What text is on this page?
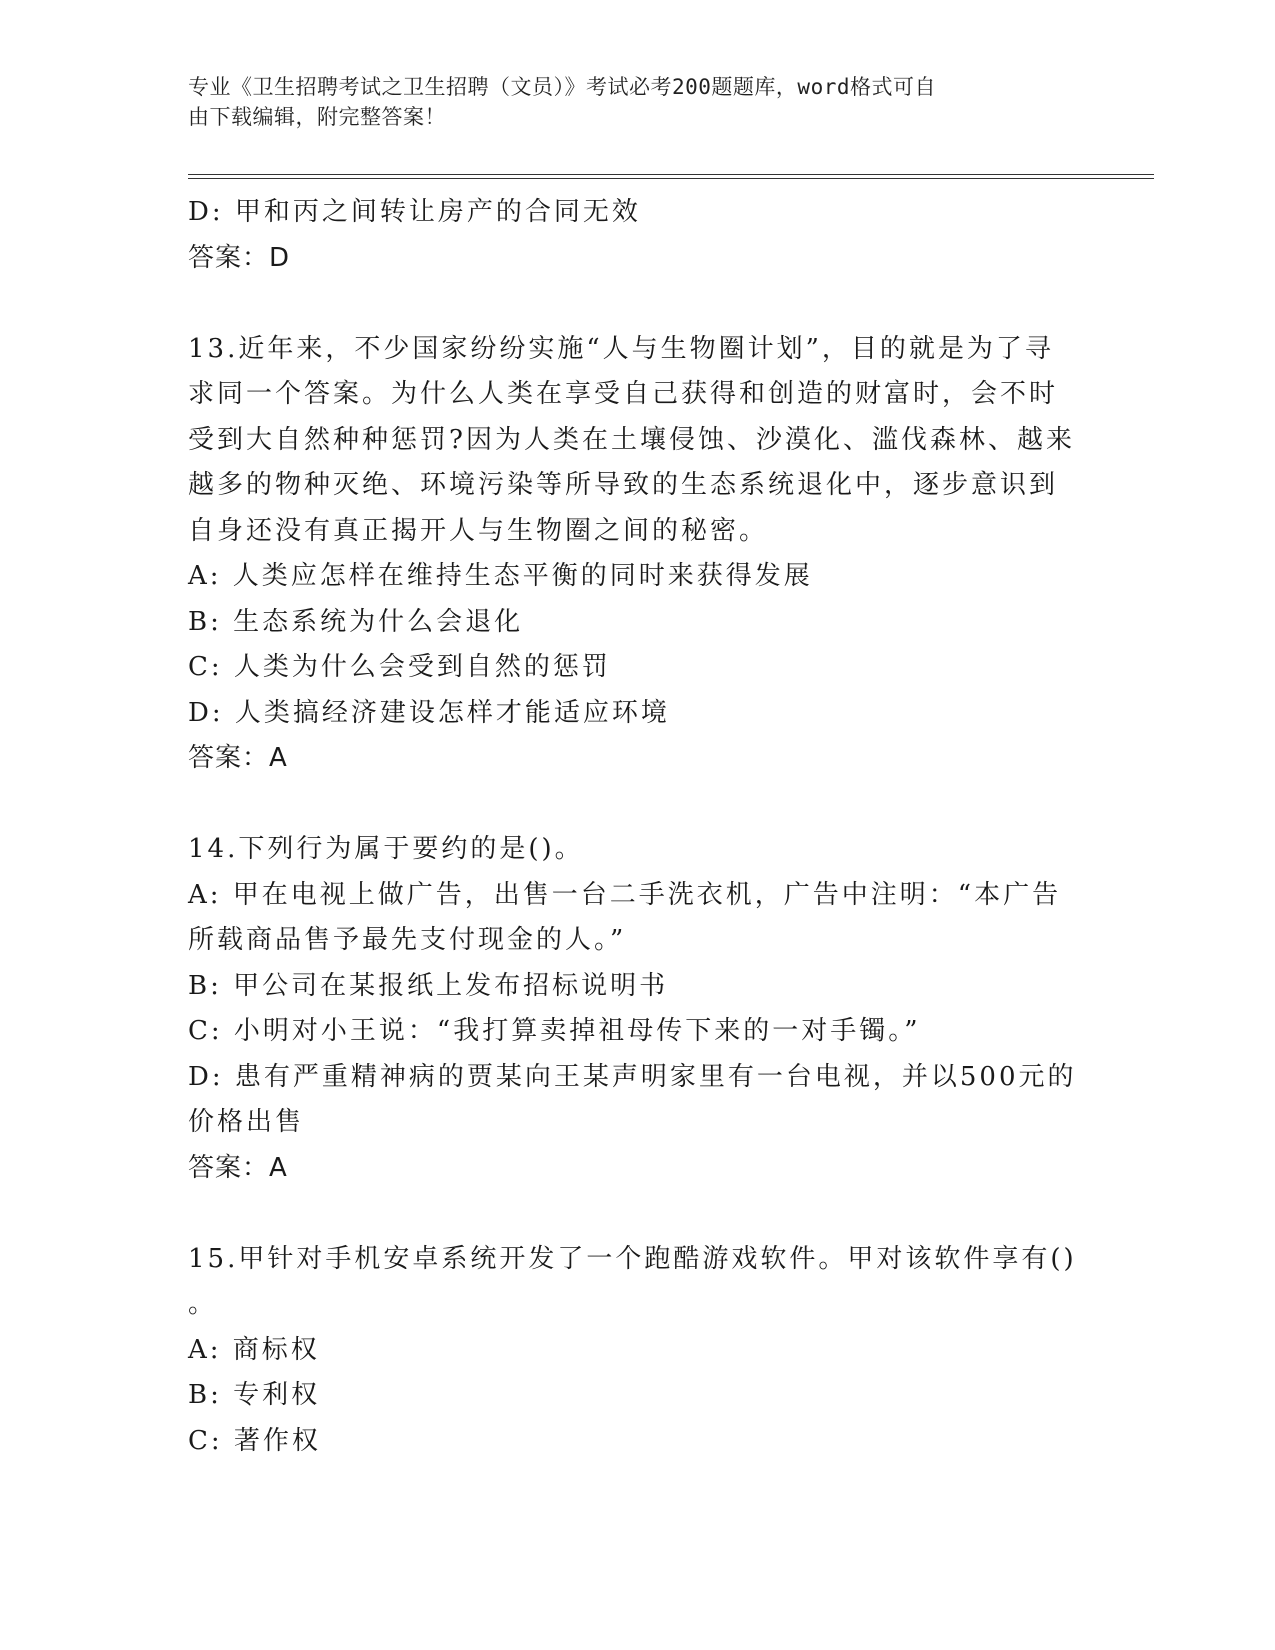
专业《卫生招聘考试之卫生招聘（文员）》考试必考200题题库，word格式可自
由下载编辑，附完整答案！
D: 甲和丙之间转让房产的合同无效
答案：D
13.近年来，不少国家纷纷实施“人与生物圈计划”，目的就是为了寻
求同一个答案。为什么人类在享受自己获得和创造的财富时，会不时
受到大自然种种惩罚?因为人类在土壤侵蚀、沙漠化、滥伐森林、越来
越多的物种灭绝、环境污染等所导致的生态系统退化中，逐步意识到
自身还没有真正揭开人与生物圈之间的秘密。
A: 人类应怎样在维持生态平衡的同时来获得发展
B: 生态系统为什么会退化
C: 人类为什么会受到自然的惩罚
D: 人类搞经济建设怎样才能适应环境
答案：A
14.下列行为属于要约的是()。
A: 甲在电视上做广告，出售一台二手洗衣机，广告中注明：“本广告
所载商品售予最先支付现金的人。”
B: 甲公司在某报纸上发布招标说明书
C: 小明对小王说：“我打算卖掉祖母传下来的一对手镯。”
D: 患有严重精神病的贾某向王某声明家里有一台电视，并以500元的
价格出售
答案：A
15.甲针对手机安卓系统开发了一个跑酷游戏软件。甲对该软件享有()
。
A: 商标权
B: 专利权
C: 著作权
